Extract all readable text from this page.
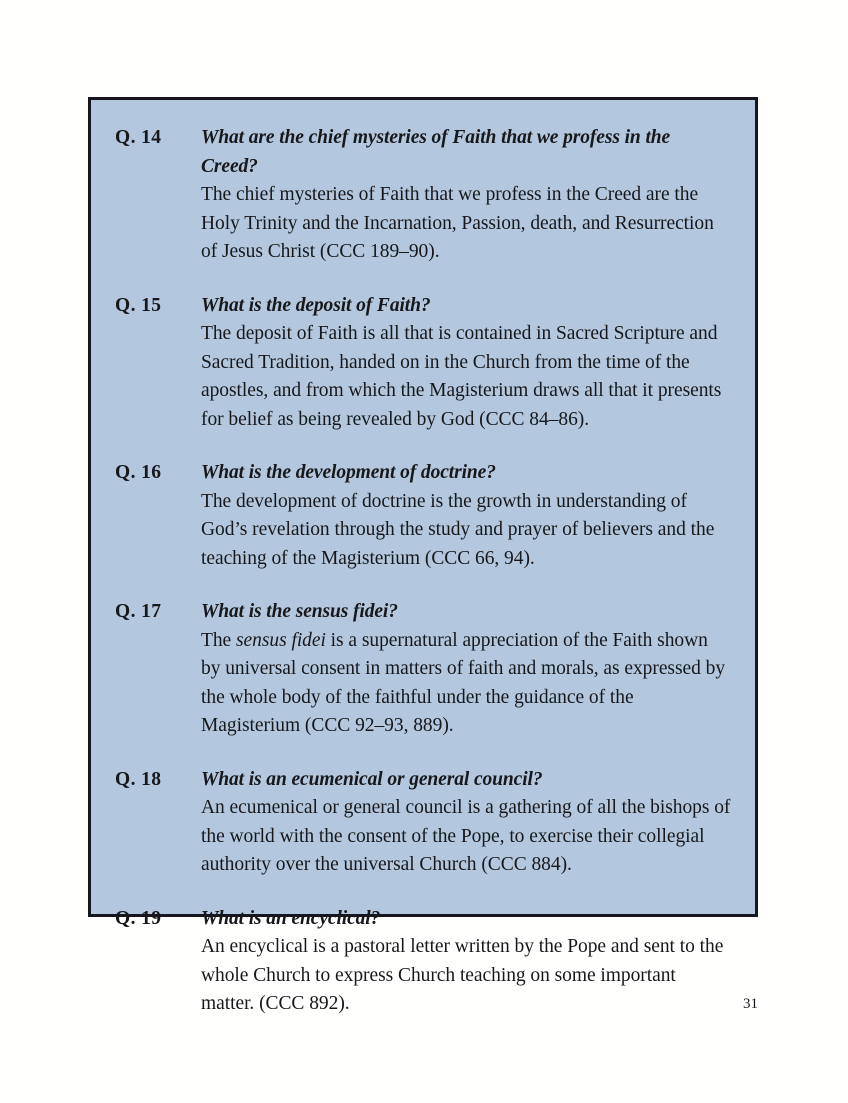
Q. 14	What are the chief mysteries of Faith that we profess in the Creed?

The chief mysteries of Faith that we profess in the Creed are the Holy Trinity and the Incarnation, Passion, death, and Resurrection of Jesus Christ (CCC 189–90).

Q. 15	What is the deposit of Faith?

The deposit of Faith is all that is contained in Sacred Scripture and Sacred Tradition, handed on in the Church from the time of the apostles, and from which the Magisterium draws all that it presents for belief as being revealed by God (CCC 84–86).

Q. 16	What is the development of doctrine?

The development of doctrine is the growth in understanding of God’s revelation through the study and prayer of believers and the teaching of the Magisterium (CCC 66, 94).

Q. 17	What is the sensus fidei?

The sensus fidei is a supernatural appreciation of the Faith shown by universal consent in matters of faith and morals, as expressed by the whole body of the faithful under the guidance of the Magisterium (CCC 92–93, 889).

Q. 18	What is an ecumenical or general council?

An ecumenical or general council is a gathering of all the bishops of the world with the consent of the Pope, to exercise their collegial authority over the universal Church (CCC 884).

Q. 19	What is an encyclical?

An encyclical is a pastoral letter written by the Pope and sent to the whole Church to express Church teaching on some important matter. (CCC 892).	31
